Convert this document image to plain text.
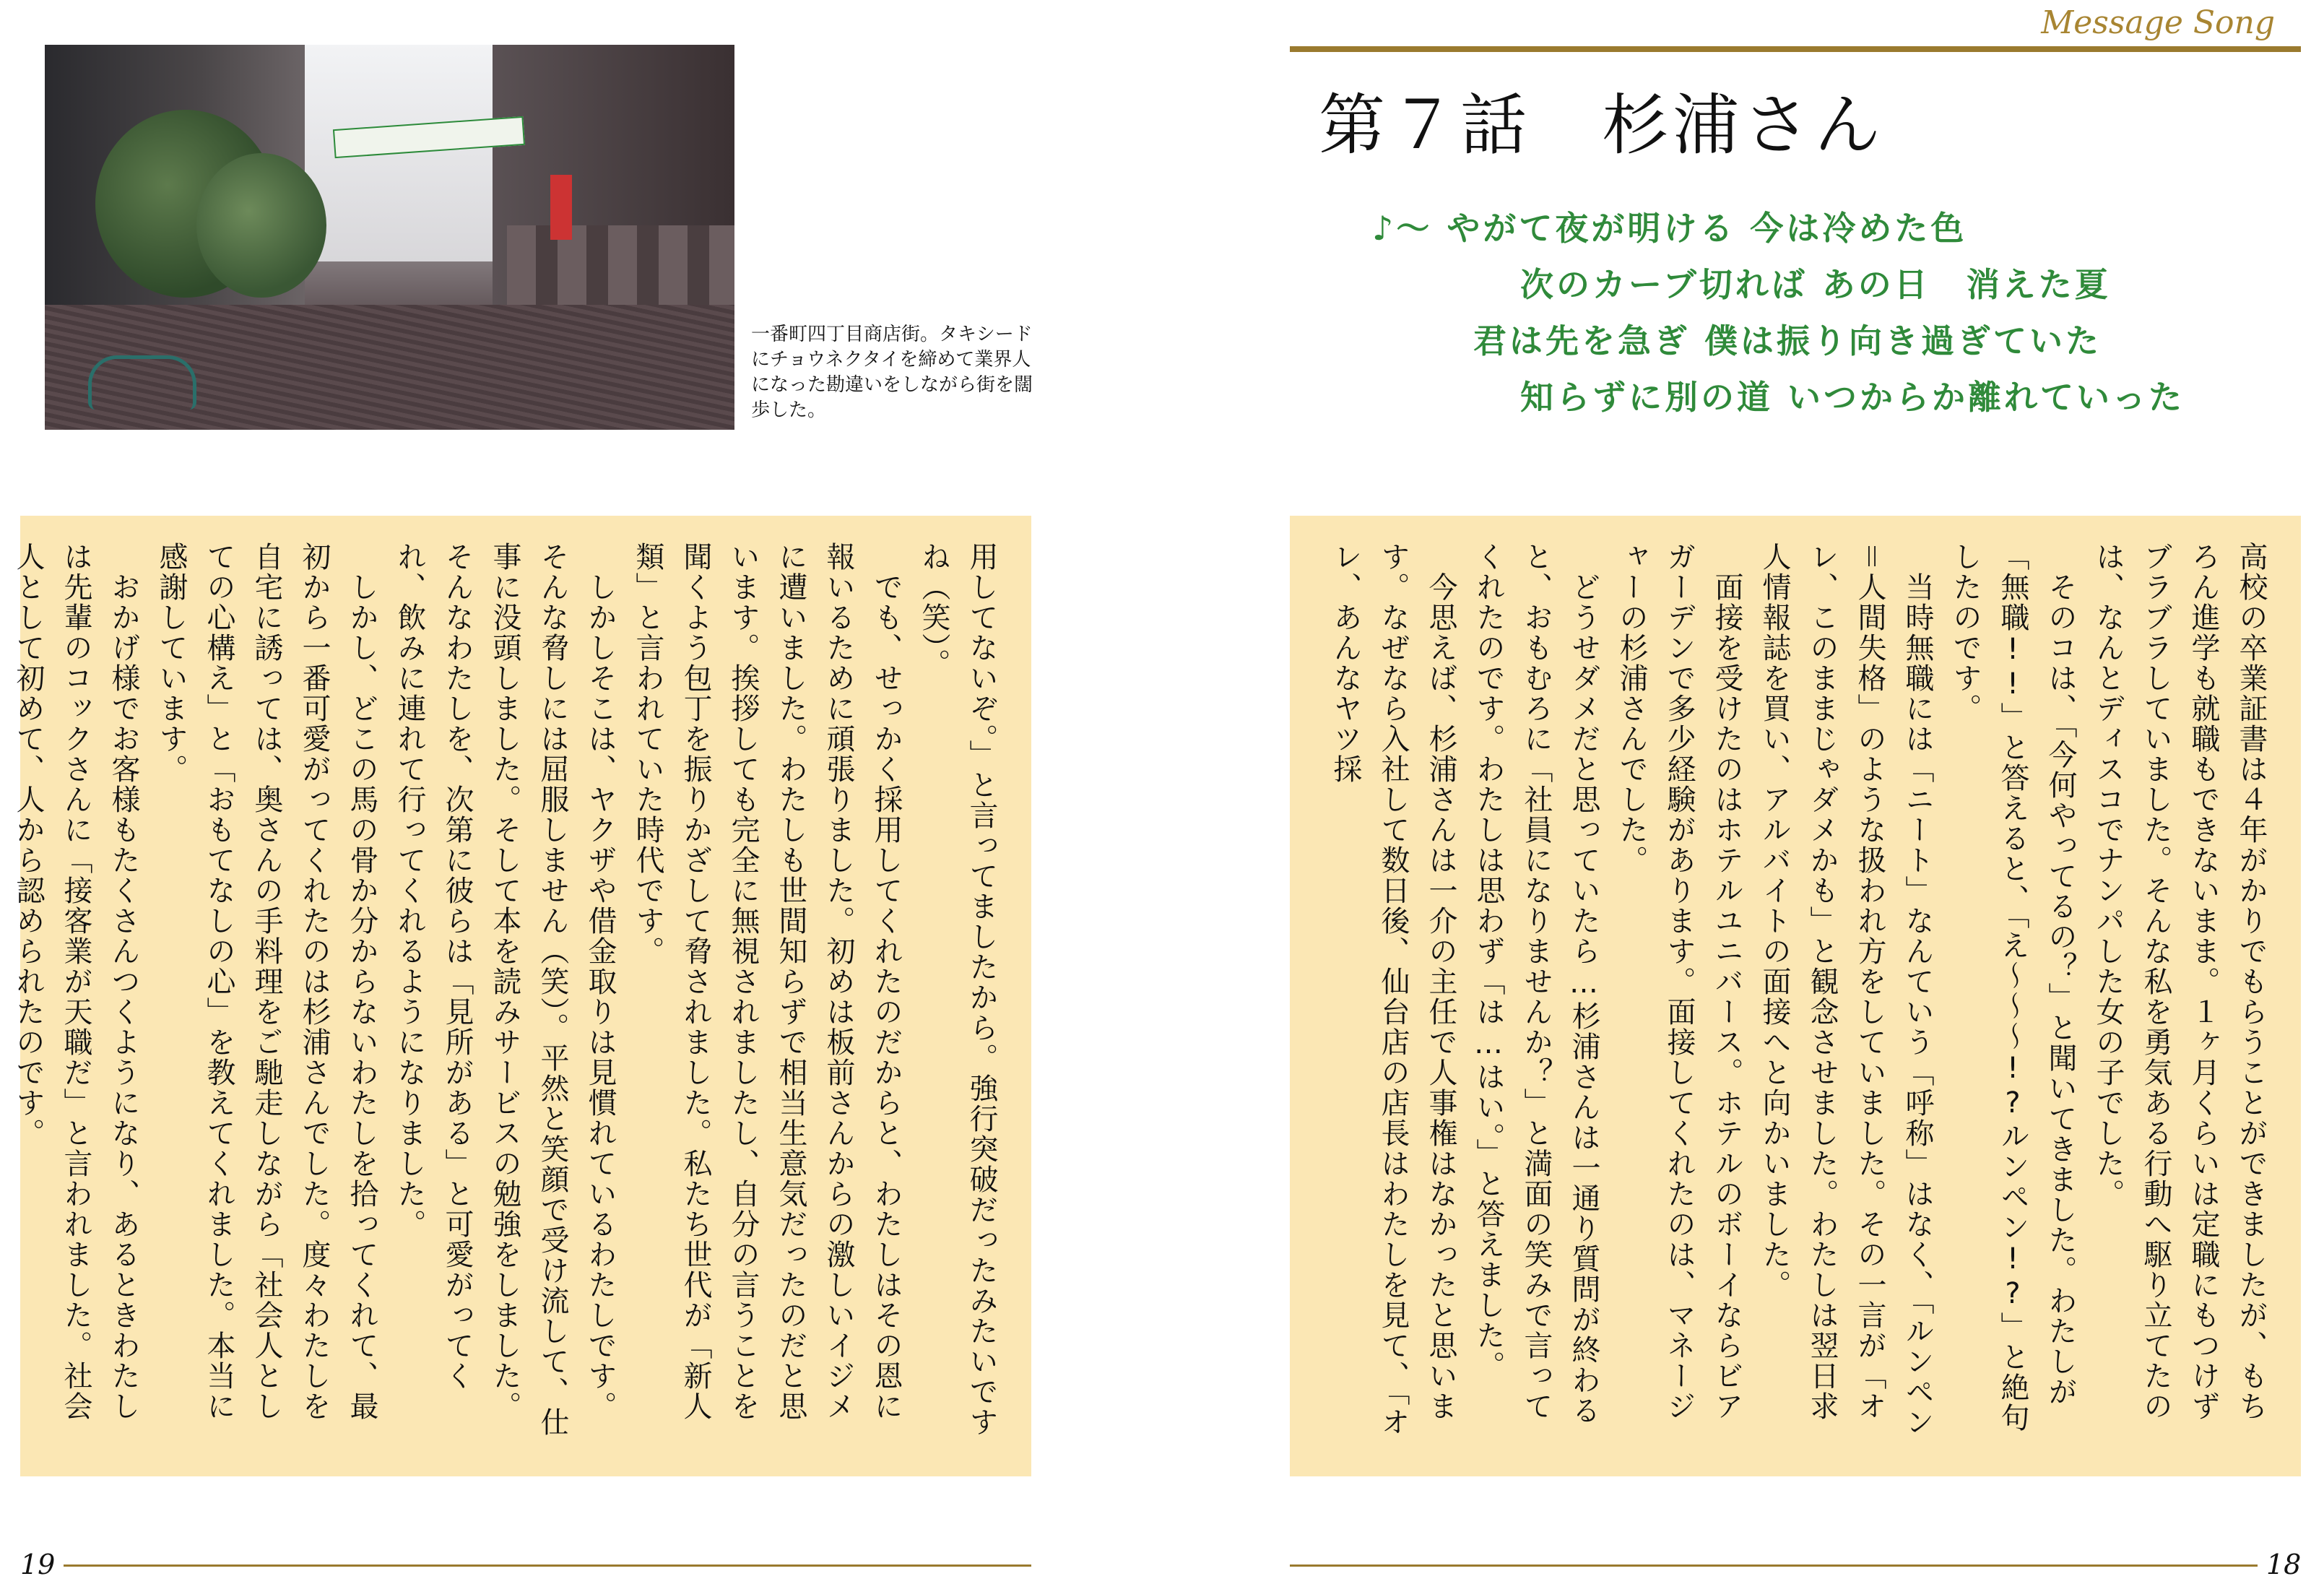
一番町四丁目商店街。タキシードにチョウネクタイを締めて業界人になった勘違いをしながら街を闊歩した。
Message Song
第７話　杉浦さん
♪～ やがて夜が明ける 今は冷めた色
次のカーブ切れば あの日　消えた夏
君は先を急ぎ 僕は振り向き過ぎていた
知らずに別の道 いつからか離れていった
用してないぞ。」と言ってましたから。強行突破だったみたいですね（笑）。
　でも、せっかく採用してくれたのだからと、わたしはその恩に報いるために頑張りました。初めは板前さんからの激しいイジメに遭いました。わたしも世間知らずで相当生意気だったのだと思います。挨拶しても完全に無視されましたし、自分の言うことを聞くよう包丁を振りかざして脅されました。私たち世代が「新人類」と言われていた時代です。
　しかしそこは、ヤクザや借金取りは見慣れているわたしです。そんな脅しには屈服しません（笑）。平然と笑顔で受け流して、仕事に没頭しました。そして本を読みサービスの勉強をしました。そんなわたしを、次第に彼らは「見所がある」と可愛がってくれ、飲みに連れて行ってくれるようになりました。
　しかし、どこの馬の骨か分からないわたしを拾ってくれて、最初から一番可愛がってくれたのは杉浦さんでした。度々わたしを自宅に誘っては、奥さんの手料理をご馳走しながら「社会人としての心構え」と「おもてなしの心」を教えてくれました。本当に感謝しています。
　おかげ様でお客様もたくさんつくようになり、あるときわたしは先輩のコックさんに「接客業が天職だ」と言われました。社会人として初めて、人から認められたのです。	高校の卒業証書は４年がかりでもらうことができましたが、もちろん進学も就職もできないまま。１ヶ月くらいは定職にもつけずブラブラしていました。そんな私を勇気ある行動へ駆り立てたのは、なんとディスコでナンパした女の子でした。
　そのコは、「今何やってるの？」と聞いてきました。わたしが「無職!!」と答えると、「え～～～!?ルンペン!?」と絶句したのです。
　当時無職には「ニート」なんていう「呼称」はなく、「ルンペン＝人間失格」のような扱われ方をしていました。その一言が「オレ、このままじゃダメかも」と観念させました。わたしは翌日求人情報誌を買い、アルバイトの面接へと向かいました。
　面接を受けたのはホテルユニバース。ホテルのボーイならビアガーデンで多少経験があります。面接してくれたのは、マネージャーの杉浦さんでした。
　どうせダメだと思っていたら…杉浦さんは一通り質問が終わると、おもむろに「社員になりませんか？」と満面の笑みで言ってくれたのです。わたしは思わず「は…はい。」と答えました。
　今思えば、杉浦さんは一介の主任で人事権はなかったと思います。なぜなら入社して数日後、仙台店の店長はわたしを見て、「オレ、あんなヤツ採
19	18
